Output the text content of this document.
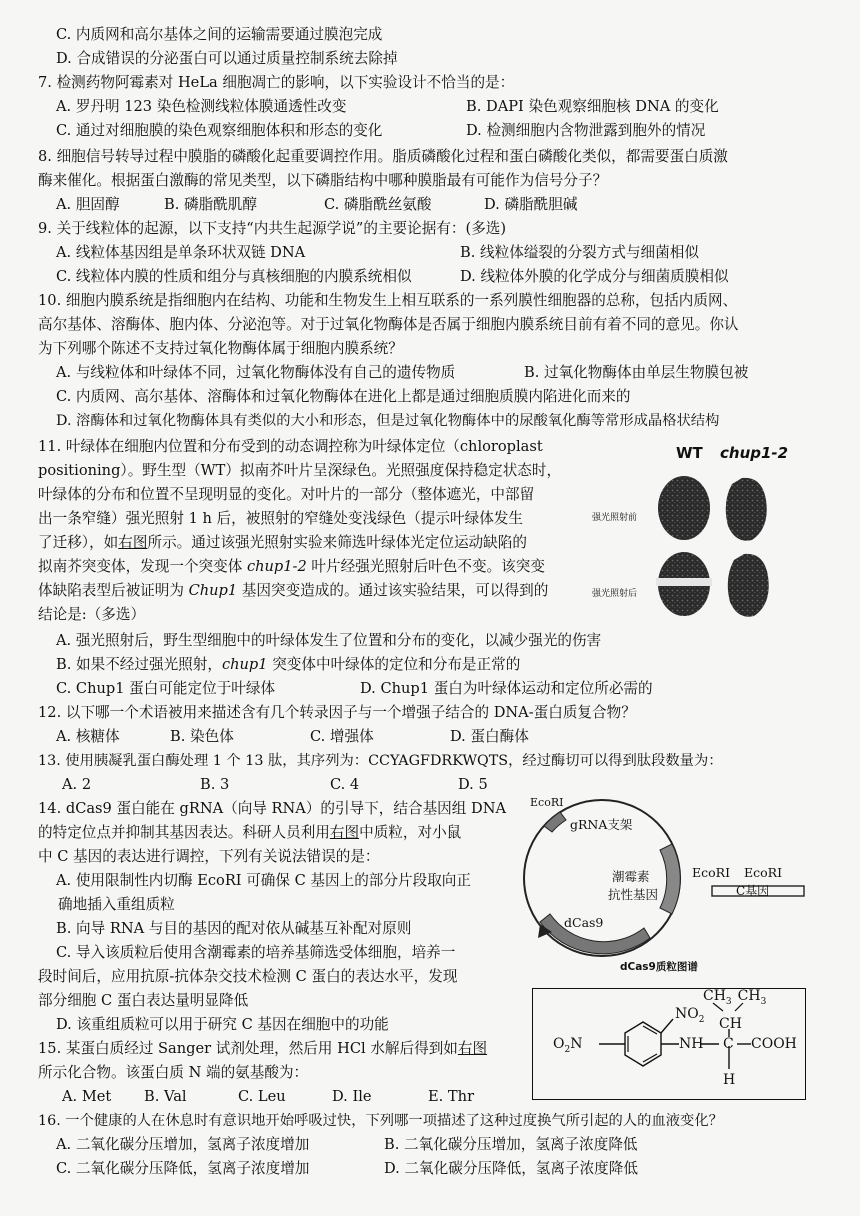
C. 内质网和高尔基体之间的运输需要通过膜泡完成
D. 合成错误的分泌蛋白可以通过质量控制系统去除掉
7. 检测药物阿霉素对 HeLa 细胞凋亡的影响，以下实验设计不恰当的是：
A. 罗丹明 123 染色检测线粒体膜通透性改变	B. DAPI 染色观察细胞核 DNA 的变化
C. 通过对细胞膜的染色观察细胞体积和形态的变化	D. 检测细胞内含物泄露到胞外的情况
8. 细胞信号转导过程中膜脂的磷酸化起重要调控作用。脂质磷酸化过程和蛋白磷酸化类似，都需要蛋白质激
酶来催化。根据蛋白激酶的常见类型，以下磷脂结构中哪种膜脂最有可能作为信号分子？
A. 胆固醇	B. 磷脂酰肌醇	C. 磷脂酰丝氨酸	D. 磷脂酰胆碱
9. 关于线粒体的起源，以下支持“内共生起源学说”的主要论据有：(多选)
A. 线粒体基因组是单条环状双链 DNA	B. 线粒体缢裂的分裂方式与细菌相似
C. 线粒体内膜的性质和组分与真核细胞的内膜系统相似	D. 线粒体外膜的化学成分与细菌质膜相似
10. 细胞内膜系统是指细胞内在结构、功能和生物发生上相互联系的一系列膜性细胞器的总称，包括内质网、
高尔基体、溶酶体、胞内体、分泌泡等。对于过氧化物酶体是否属于细胞内膜系统目前有着不同的意见。你认
为下列哪个陈述不支持过氧化物酶体属于细胞内膜系统？
A. 与线粒体和叶绿体不同，过氧化物酶体没有自己的遗传物质	B. 过氧化物酶体由单层生物膜包被
C. 内质网、高尔基体、溶酶体和过氧化物酶体在进化上都是通过细胞质膜内陷进化而来的
D. 溶酶体和过氧化物酶体具有类似的大小和形态，但是过氧化物酶体中的尿酸氧化酶等常形成晶格状结构
11. 叶绿体在细胞内位置和分布受到的动态调控称为叶绿体定位（chloroplast
positioning）。野生型（WT）拟南芥叶片呈深绿色。光照强度保持稳定状态时，
叶绿体的分布和位置不呈现明显的变化。对叶片的一部分（整体遮光，中部留
出一条窄缝）强光照射 1 h 后，被照射的窄缝处变浅绿色（提示叶绿体发生
了迁移），如右图所示。通过该强光照射实验来筛选叶绿体光定位运动缺陷的
拟南芥突变体，发现一个突变体 chup1-2 叶片经强光照射后叶色不变。该突变
体缺陷表型后被证明为 Chup1 基因突变造成的。通过该实验结果，可以得到的
结论是:（多选）
A. 强光照射后，野生型细胞中的叶绿体发生了位置和分布的变化，以减少强光的伤害
B. 如果不经过强光照射，chup1 突变体中叶绿体的定位和分布是正常的
C. Chup1 蛋白可能定位于叶绿体	D. Chup1 蛋白为叶绿体运动和定位所必需的
WT chup1-2
强光照射前
强光照射后
12. 以下哪一个术语被用来描述含有几个转录因子与一个增强子结合的 DNA-蛋白质复合物？
A. 核糖体	B. 染色体	C. 增强体	D. 蛋白酶体
13. 使用胰凝乳蛋白酶处理 1 个 13 肽，其序列为：CCYAGFDRKWQTS，经过酶切可以得到肽段数量为：
A. 2	B. 3	C. 4	D. 5
14. dCas9 蛋白能在 gRNA（向导 RNA）的引导下，结合基因组 DNA
的特定位点并抑制其基因表达。科研人员利用右图中质粒，对小鼠
中 C 基因的表达进行调控，下列有关说法错误的是：
A. 使用限制性内切酶 EcoRⅠ 可确保 C 基因上的部分片段取向正
确地插入重组质粒
B. 向导 RNA 与目的基因的配对依从碱基互补配对原则
C. 导入该质粒后使用含潮霉素的培养基筛选受体细胞，培养一
段时间后，应用抗原-抗体杂交技术检测 C 蛋白的表达水平，发现
部分细胞 C 蛋白表达量明显降低
D. 该重组质粒可以用于研究 C 基因在细胞中的功能
EcoRⅠ
gRNA支架
潮霉素
抗性基因
dCas9
EcoRⅠ EcoRⅠ
C基因
dCas9质粒图谱
$NO_2$
$CH_3$ $CH_3$
CH
$O_2N$	NH C COOH
H
15. 某蛋白质经过 Sanger 试剂处理，然后用 HCl 水解后得到如右图
所示化合物。该蛋白质 N 端的氨基酸为：
A. Met B. Val	C. Leu	D. Ile	E. Thr
16. 一个健康的人在休息时有意识地开始呼吸过快，下列哪一项描述了这种过度换气所引起的人的血液变化？
A. 二氧化碳分压增加，氢离子浓度增加	B. 二氧化碳分压增加，氢离子浓度降低
C. 二氧化碳分压降低，氢离子浓度增加	D. 二氧化碳分压降低，氢离子浓度降低
